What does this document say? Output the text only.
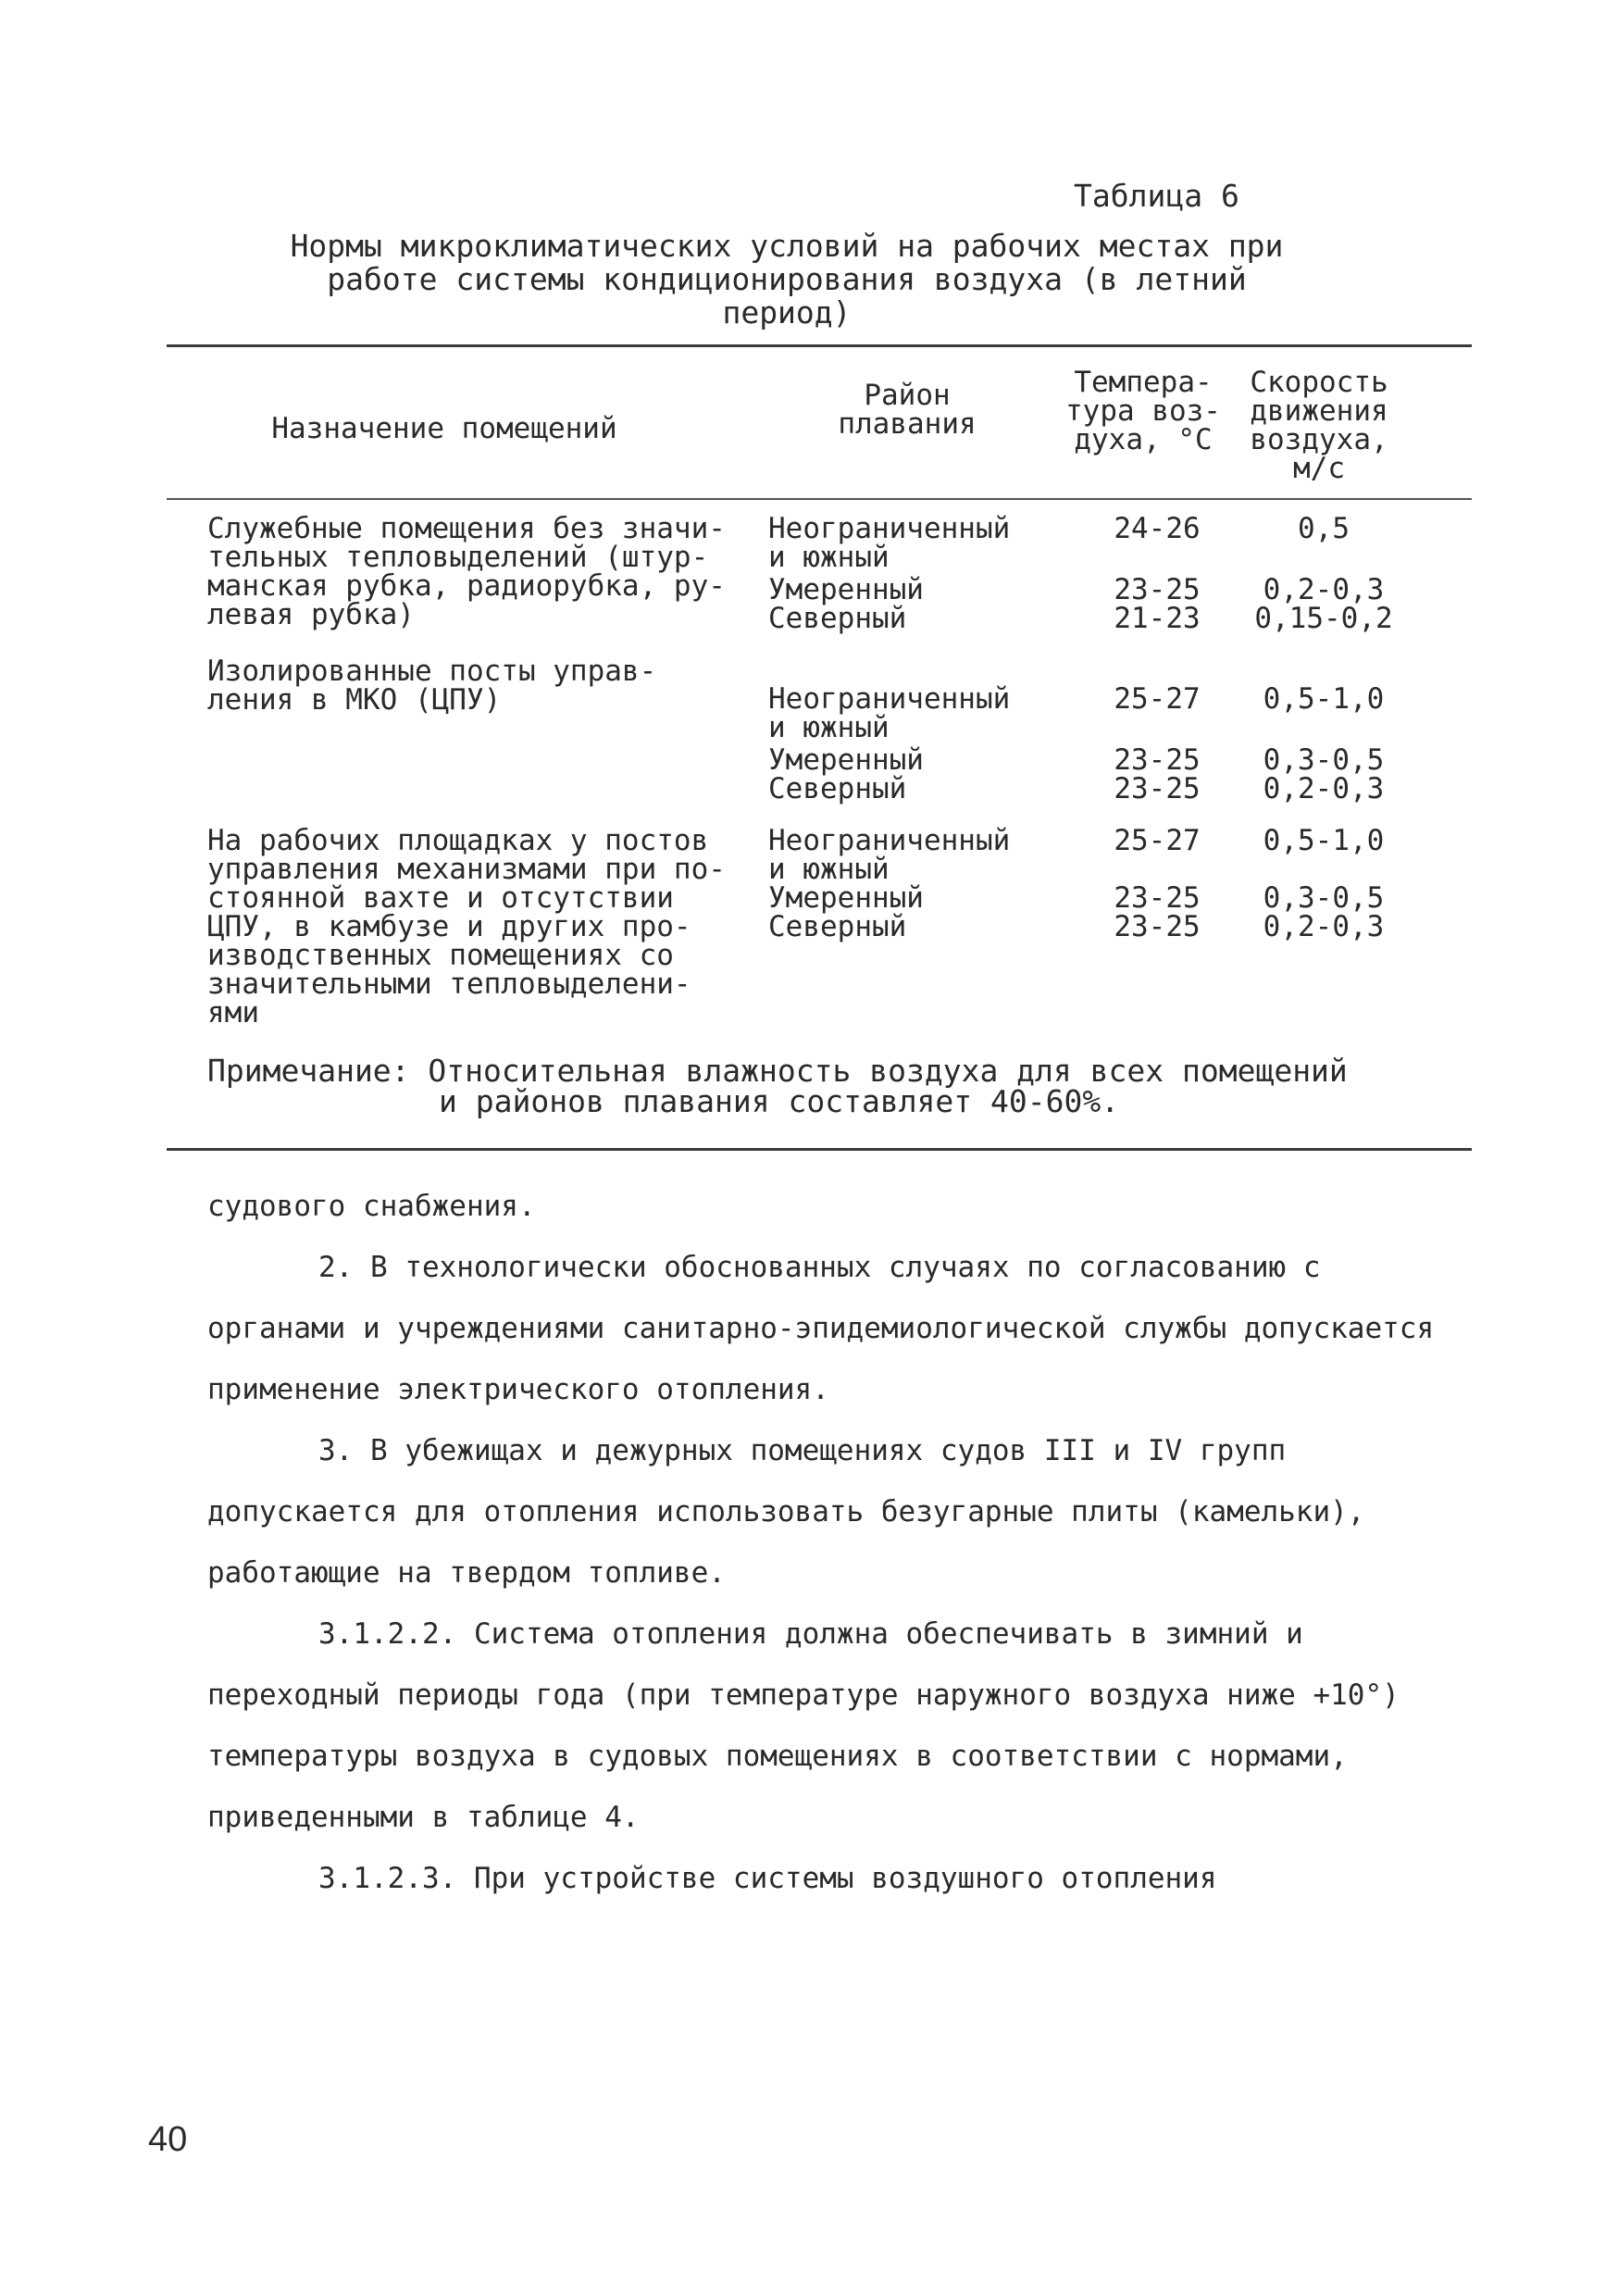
Таблица 6
Нормы микроклиматических условий на рабочих местах при работе системы кондиционирования воздуха (в летний период)
Назначение помещений
Район
плавания
Темпера-
тура воз-
духа, °С
Скорость
движения
воздуха,
м/с
Служебные помещения без значи-
тельных тепловыделений (штур-
манская рубка, радиорубка, ру-
левая рубка)
Неограниченный
и южный
Умеренный
Северный
24-26
23-25
21-23
0,5
0,2-0,3
0,15-0,2
Изолированные посты управ-
ления в МКО (ЦПУ)	Неограниченный
и южный
Умеренный
Северный
25-27
23-25
23-25
0,5-1,0
0,3-0,5
0,2-0,3
На рабочих площадках у постов
управления механизмами при по-
стоянной вахте и отсутствии
ЦПУ, в камбузе и других про-
изводственных помещениях со
значительными тепловыделени-
ями
Неограниченный
и южный
Умеренный
Северный
25-27
23-25
23-25
0,5-1,0
0,3-0,5
0,2-0,3
Примечание: Относительная влажность воздуха для всех помещений
и районов плавания составляет 40-60%.

судового снабжения.

2. В технологически обоснованных случаях по согласованию с органами и учреждениями санитарно-эпидемиологической службы допускается применение электрического отопления.

3. В убежищах и дежурных помещениях судов III и IV групп допускается для отопления использовать безугарные плиты (камельки), работающие на твердом топливе.

3.1.2.2. Система отопления должна обеспечивать в зимний и переходный периоды года (при температуре наружного воздуха ниже +10°) температуры воздуха в судовых помещениях в соответствии с нормами, приведенными в таблице 4.

3.1.2.3. При устройстве системы воздушного отопления

40
